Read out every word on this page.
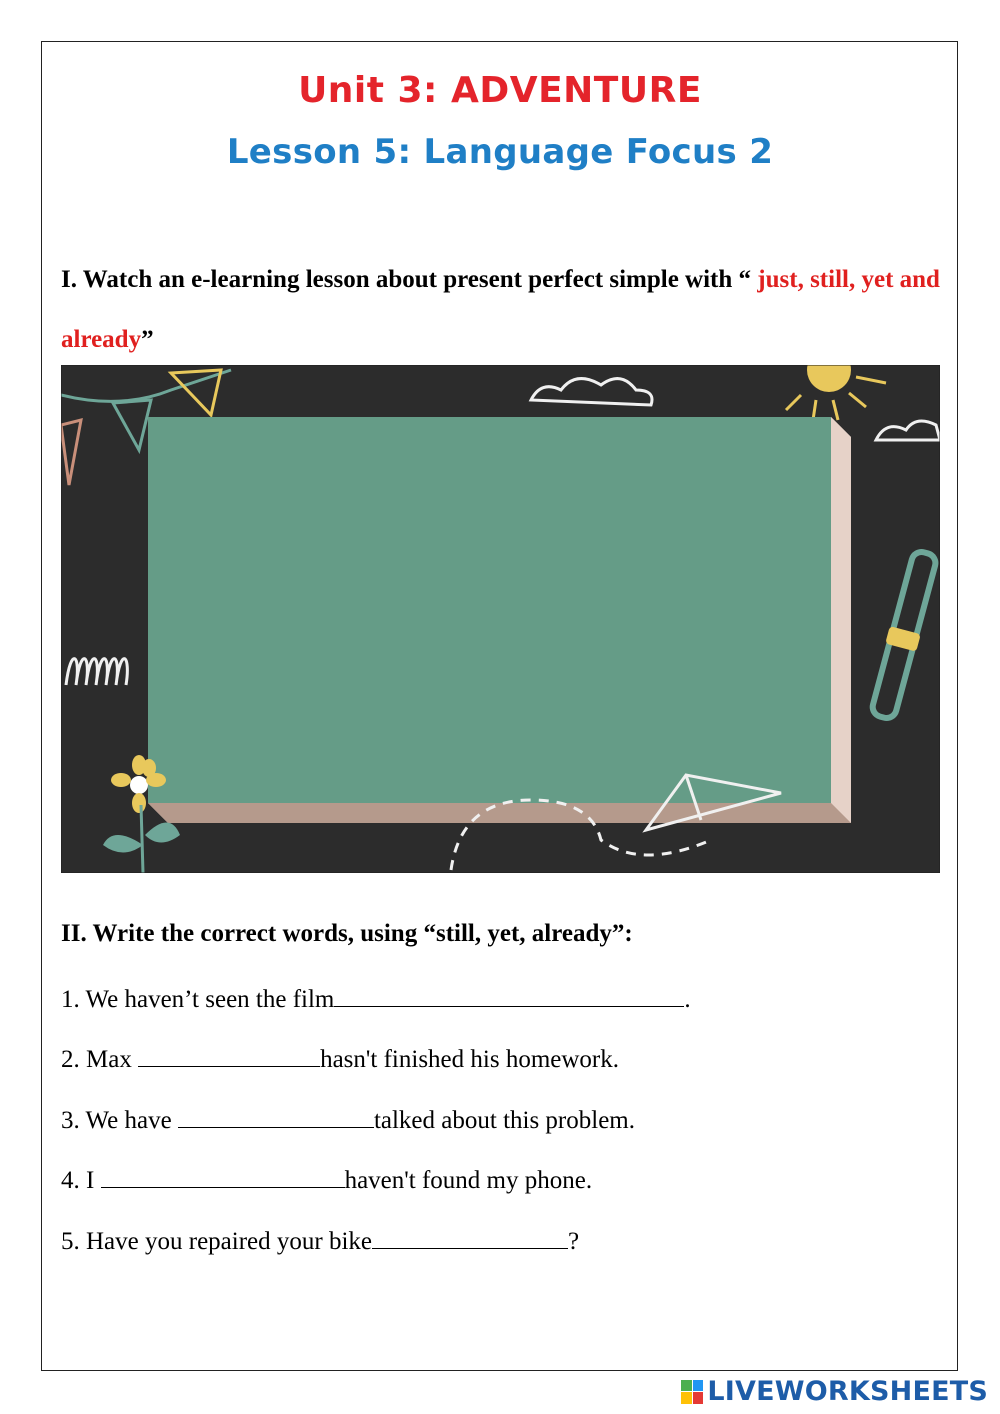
Unit 3: ADVENTURE
Lesson 5: Language Focus 2
I. Watch an e-learning lesson about present perfect simple with “ just, still, yet and already”
II. Write the correct words, using “still, yet, already”:
1. We haven’t seen the film	.
2. Max	hasn't finished his homework.
3. We have	talked about this problem.
4. I	haven't found my phone.
5. Have you repaired your bike	?
LIVEWORKSHEETS
